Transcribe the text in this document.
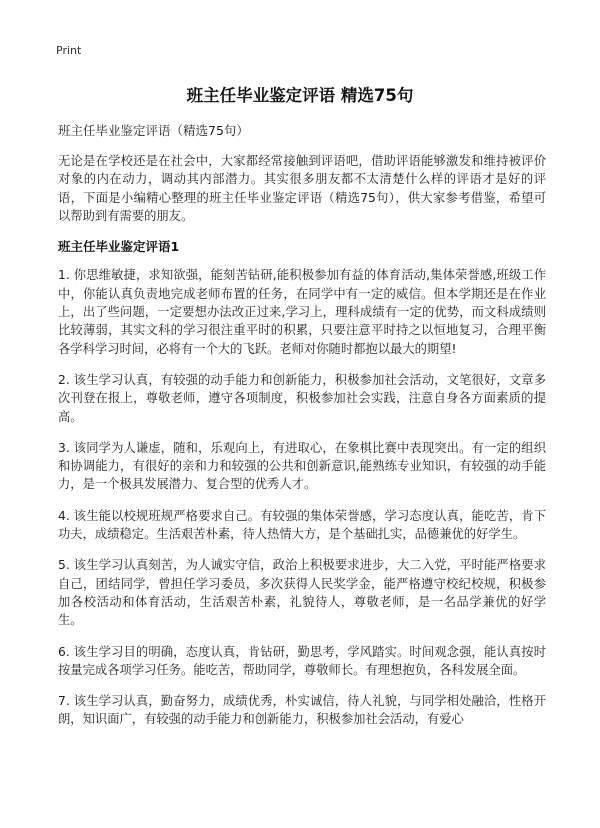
Print
班主任毕业鉴定评语 精选75句
班主任毕业鉴定评语（精选75句）

无论是在学校还是在社会中，大家都经常接触到评语吧，借助评语能够激发和维持被评价对象的内在动力，调动其内部潜力。其实很多朋友都不太清楚什么样的评语才是好的评语，下面是小编精心整理的班主任毕业鉴定评语（精选75句），供大家参考借鉴，希望可以帮助到有需要的朋友。

班主任毕业鉴定评语1

1. 你思维敏捷，求知欲强，能刻苦钻研,能积极参加有益的体育活动,集体荣誉感,班级工作中，你能认真负责地完成老师布置的任务，在同学中有一定的威信。但本学期还是在作业上，出了些问题，一定要想办法改正过来,学习上，理科成绩有一定的优势，而文科成绩则比较薄弱，其实文科的学习很注重平时的积累，只要注意平时持之以恒地复习，合理平衡各学科学习时间，必将有一个大的飞跃。老师对你随时都抱以最大的期望!

2. 该生学习认真，有较强的动手能力和创新能力，积极参加社会活动，文笔很好，文章多次刊登在报上，尊敬老师，遵守各项制度，积极参加社会实践，注意自身各方面素质的提高。

3. 该同学为人谦虚，随和，乐观向上，有进取心，在象棋比赛中表现突出。有一定的组织和协调能力，有很好的亲和力和较强的公共和创新意识,能熟练专业知识，有较强的动手能力，是一个极具发展潜力、复合型的优秀人才。

4. 该生能以校规班规严格要求自己。有较强的集体荣誉感，学习态度认真，能吃苦，肯下功夫，成绩稳定。生活艰苦朴素，待人热情大方，是个基础扎实，品德兼优的好学生。

5. 该生学习认真刻苦，为人诚实守信，政治上积极要求进步，大二入党，平时能严格要求自己，团结同学，曾担任学习委员，多次获得人民奖学金，能严格遵守校纪校规，积极参加各校活动和体育活动，生活艰苦朴素，礼貌待人，尊敬老师，是一名品学兼优的好学生。

6. 该生学习目的明确，态度认真，肯钻研，勤思考，学风踏实。时间观念强，能认真按时按量完成各项学习任务。能吃苦，帮助同学，尊敬师长。有理想抱负，各科发展全面。

7. 该生学习认真，勤奋努力，成绩优秀，朴实诚信，待人礼貌，与同学相处融洽，性格开朗，知识面广，有较强的动手能力和创新能力，积极参加社会活动，有爱心
